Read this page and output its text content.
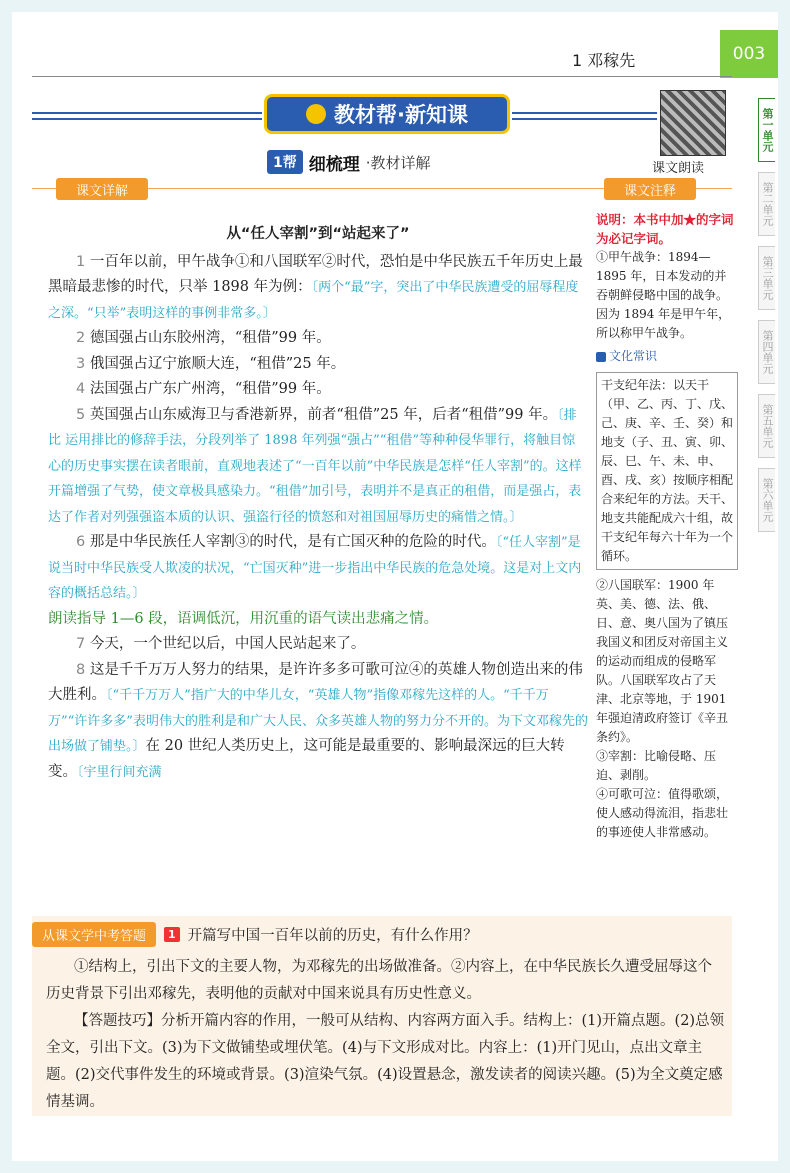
1 邓稼先	003
教材帮·新知课
课文朗读
1帮 细梳理 ·教材详解
课文详解	课文注释

从“任人宰割”到“站起来了”

1 一百年以前，甲午战争①和八国联军②时代，恐怕是中华民族五千年历史上最黑暗最悲惨的时代，只举 1898 年为例：〔两个“最”字，突出了中华民族遭受的屈辱程度之深。“只举”表明这样的事例非常多。〕

2 德国强占山东胶州湾，“租借”99 年。

3 俄国强占辽宁旅顺大连，“租借”25 年。

4 法国强占广东广州湾，“租借”99 年。

5 英国强占山东威海卫与香港新界，前者“租借”25 年，后者“租借”99 年。〔排比 运用排比的修辞手法，分段列举了 1898 年列强“强占”“租借”等种种侵华罪行，将触目惊心的历史事实摆在读者眼前，直观地表述了“一百年以前”中华民族是怎样“任人宰割”的。这样开篇增强了气势，使文章极具感染力。“租借”加引号，表明并不是真正的租借，而是强占，表达了作者对列强强盗本质的认识、强盗行径的愤怒和对祖国屈辱历史的痛惜之情。〕

6 那是中华民族任人宰割③的时代，是有亡国灭种的危险的时代。〔“任人宰割”是说当时中华民族受人欺凌的状况，“亡国灭种”进一步指出中华民族的危急处境。这是对上文内容的概括总结。〕

朗读指导 1—6 段，语调低沉，用沉重的语气读出悲痛之情。

7 今天，一个世纪以后，中国人民站起来了。

8 这是千千万万人努力的结果，是许许多多可歌可泣④的英雄人物创造出来的伟大胜利。〔“千千万万人”指广大的中华儿女，“英雄人物”指像邓稼先这样的人。“千千万万”“许许多多”表明伟大的胜利是和广大人民、众多英雄人物的努力分不开的。为下文邓稼先的出场做了铺垫。〕在 20 世纪人类历史上，这可能是最重要的、影响最深远的巨大转变。〔宇里行间充满

说明：本书中加★的字词为必记字词。
①甲午战争：1894—1895 年，日本发动的并吞朝鲜侵略中国的战争。因为 1894 年是甲午年，所以称甲午战争。
文化常识
干支纪年法：以天干（甲、乙、丙、丁、戊、己、庚、辛、壬、癸）和地支（子、丑、寅、卯、辰、巳、午、未、申、酉、戌、亥）按顺序相配合来纪年的方法。天干、地支共能配成六十组，故干支纪年每六十年为一个循环。
②八国联军：1900 年英、美、德、法、俄、日、意、奥八国为了镇压我国义和团反对帝国主义的运动而组成的侵略军队。八国联军攻占了天津、北京等地，于 1901 年强迫清政府签订《辛丑条约》。
③宰割：比喻侵略、压迫、剥削。
④可歌可泣：值得歌颂，使人感动得流泪，指悲壮的事迹使人非常感动。
第一单元
第二单元
第三单元
第四单元
第五单元
第六单元
从课文学中考答题	1 开篇写中国一百年以前的历史，有什么作用？

①结构上，引出下文的主要人物，为邓稼先的出场做准备。②内容上，在中华民族长久遭受屈辱这个历史背景下引出邓稼先，表明他的贡献对中国来说具有历史性意义。

【答题技巧】分析开篇内容的作用，一般可从结构、内容两方面入手。结构上：(1)开篇点题。(2)总领全文，引出下文。(3)为下文做铺垫或埋伏笔。(4)与下文形成对比。内容上：(1)开门见山，点出文章主题。(2)交代事件发生的环境或背景。(3)渲染气氛。(4)设置悬念，激发读者的阅读兴趣。(5)为全文奠定感情基调。
